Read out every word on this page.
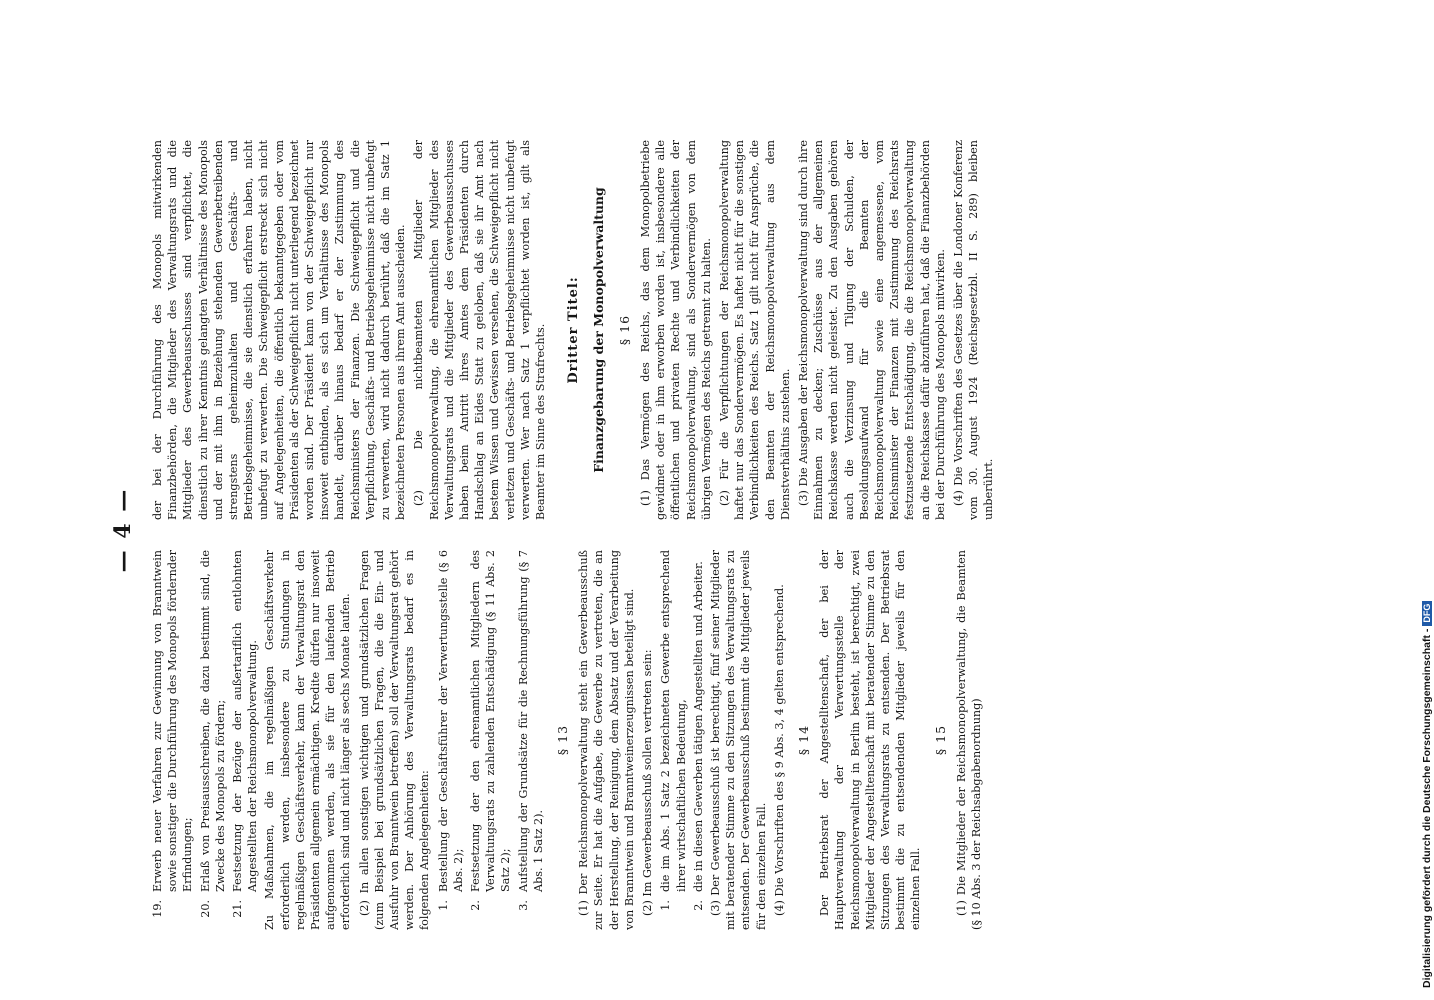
— 4 —
19.
Erwerb neuer Verfahren zur Gewinnung von Branntwein sowie sonstiger die Durchführung des Monopols fördernder Erfindungen;
20.
Erlaß von Preisausschreiben, die dazu bestimmt sind, die Zwecke des Monopols zu fördern;
21.
Festsetzung der Bezüge der außertariflich entlohnten Angestellten der Reichsmonopolverwaltung. Zu Maßnahmen, die im regelmäßigen Geschäftsverkehr erforderlich werden, insbesondere zu Stundungen in regelmäßigen Geschäftsverkehr, kann der Verwaltungsrat den Präsidenten allgemein ermächtigen. Kredite dürfen nur insoweit aufgenommen werden, als sie für den laufenden Betrieb erforderlich sind und nicht länger als sechs Monate laufen. (2) In allen sonstigen wichtigen und grundsätzlichen Fragen (zum Beispiel bei grundsätzlichen Fragen, die die Ein- und Ausfuhr von Branntwein betreffen) soll der Verwaltungsrat gehört werden. Der Anhörung des Verwaltungsrats bedarf es in folgenden Angelegenheiten: 1.
Bestellung der Geschäftsführer der Verwertungsstelle (§ 6 Abs. 2);
2.
Festsetzung der den ehrenamtlichen Mitgliedern des Verwaltungsrats zu zahlenden Entschädigung (§ 11 Abs. 2 Satz 2);
3.
Aufstellung der Grundsätze für die Rechnungsführung (§ 7 Abs. 1 Satz 2).
§ 13 (1) Der Reichsmonopolverwaltung steht ein Gewerbeausschuß zur Seite. Er hat die Aufgabe, die Gewerbe zu vertreten, die an der Herstellung, der Reinigung, dem Absatz und der Verarbeitung von Branntwein und Branntweinerzeugnissen beteiligt sind. (2) Im Gewerbeausschuß sollen vertreten sein: 1.
die im Abs. 1 Satz 2 bezeichneten Gewerbe entsprechend ihrer wirtschaftlichen Bedeutung,
2.
die in diesen Gewerben tätigen Angestellten und Arbeiter. (3) Der Gewerbeausschuß ist berechtigt, fünf seiner Mitglieder mit beratender Stimme zu den Sitzungen des Verwaltungsrats zu entsenden. Der Gewerbeausschuß bestimmt die Mitglieder jeweils für den einzelnen Fall. (4) Die Vorschriften des § 9 Abs. 3, 4 gelten entsprechend. § 14 Der Betriebsrat der Angestelltenschaft, der bei der Hauptverwaltung der Verwertungsstelle der Reichsmonopolverwaltung in Berlin besteht, ist berechtigt, zwei Mitglieder der Angestelltenschaft mit beratender Stimme zu den Sitzungen des Verwaltungsrats zu entsenden. Der Betriebsrat bestimmt die zu entsendenden Mitglieder jeweils für den einzelnen Fall.

§ 15 (1) Die Mitglieder der Reichsmonopolverwaltung, die Beamten (§ 10 Abs. 3 der Reichsabgabenordnung)

der bei der Durchführung des Monopols mitwirkenden Finanzbehörden, die Mitglieder des Verwaltungsrats und die Mitglieder des Gewerbeausschusses sind verpflichtet, die dienstlich zu ihrer Kenntnis gelangten Verhältnisse des Monopols und der mit ihm in Beziehung stehenden Gewerbetreibenden strengstens geheimzuhalten und Geschäfts- und Betriebsgeheimnisse, die sie dienstlich erfahren haben, nicht unbefugt zu verwerten. Die Schweigepflicht erstreckt sich nicht auf Angelegenheiten, die öffentlich bekanntgegeben oder vom Präsidenten als der Schweigepflicht nicht unterliegend bezeichnet worden sind. Der Präsident kann von der Schweigepflicht nur insoweit entbinden, als es sich um Verhältnisse des Monopols handelt, darüber hinaus bedarf er der Zustimmung des Reichsministers der Finanzen. Die Schweigepflicht und die Verpflichtung, Geschäfts- und Betriebsgeheimnisse nicht unbefugt zu verwerten, wird nicht dadurch berührt, daß die im Satz 1 bezeichneten Personen aus ihrem Amt ausscheiden. (2) Die nichtbeamteten Mitglieder der Reichsmonopolverwaltung, die ehrenamtlichen Mitglieder des Verwaltungsrats und die Mitglieder des Gewerbeausschusses haben beim Antritt ihres Amtes dem Präsidenten durch Handschlag an Eides Statt zu geloben, daß sie ihr Amt nach bestem Wissen und Gewissen versehen, die Schweigepflicht nicht verletzen und Geschäfts- und Betriebsgeheimnisse nicht unbefugt verwerten. Wer nach Satz 1 verpflichtet worden ist, gilt als Beamter im Sinne des Strafrechts. Dritter Titel: Finanzgebarung der Monopolverwaltung § 16 (1) Das Vermögen des Reichs, das dem Monopolbetriebe gewidmet oder in ihm erworben worden ist, insbesondere alle öffentlichen und privaten Rechte und Verbindlichkeiten der Reichsmonopolverwaltung, sind als Sondervermögen von dem übrigen Vermögen des Reichs getrennt zu halten. (2) Für die Verpflichtungen der Reichsmonopolverwaltung haftet nur das Sondervermögen. Es haftet nicht für die sonstigen Verbindlichkeiten des Reichs. Satz 1 gilt nicht für Ansprüche, die den Beamten der Reichsmonopolverwaltung aus dem Dienstverhältnis zustehen. (3) Die Ausgaben der Reichsmonopolverwaltung sind durch ihre Einnahmen zu decken; Zuschüsse aus der allgemeinen Reichskasse werden nicht geleistet. Zu den Ausgaben gehören auch die Verzinsung und Tilgung der Schulden, der Besoldungsaufwand für die Beamten der Reichsmonopolverwaltung sowie eine angemessene, vom Reichsminister der Finanzen mit Zustimmung des Reichsrats festzusetzende Entschädigung, die die Reichsmonopolverwaltung an die Reichskasse dafür abzuführen hat, daß die Finanzbehörden bei der Durchführung des Monopols mitwirken. (4) Die Vorschriften des Gesetzes über die Londoner Konferenz vom 30. August 1924 (Reichsgesetzbl. II S. 289) bleiben unberührt.

Digitalisierung gefördert durch die Deutsche Forschungsgemeinschaft -DFG
